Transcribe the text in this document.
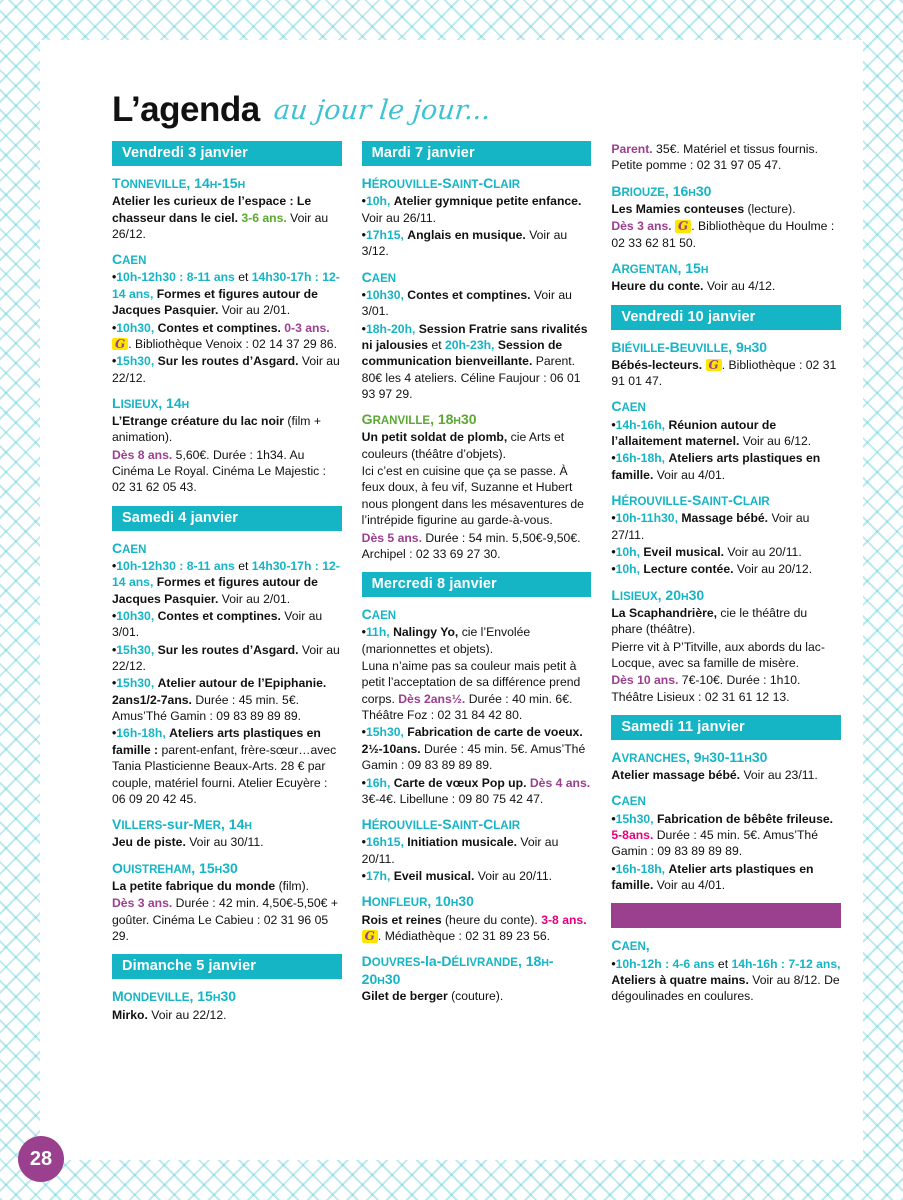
L’agenda au jour le jour...
Vendredi 3 janvier
TONNEVILLE, 14H-15H
Atelier les curieux de l’espace : Le chasseur dans le ciel. 3-6 ans. Voir au 26/12.
CAEN
•10h-12h30 : 8-11 ans et 14h30-17h : 12-14 ans, Formes et figures autour de Jacques Pasquier. Voir au 2/01.
•10h30, Contes et comptines. 0-3 ans. G . Bibliothèque Venoix : 02 14 37 29 86.
•15h30, Sur les routes d’Asgard. Voir au 22/12.
LISIEUX, 14H
L’Etrange créature du lac noir (film + animation).
Dès 8 ans. 5,60€. Durée : 1h34. Au Cinéma Le Royal. Cinéma Le Majestic : 02 31 62 05 43.
Samedi 4 janvier
CAEN
•10h-12h30 : 8-11 ans et 14h30-17h : 12-14 ans, Formes et figures autour de Jacques Pasquier. Voir au 2/01.
•10h30, Contes et comptines. Voir au 3/01.
•15h30, Sur les routes d’Asgard. Voir au 22/12.
•15h30, Atelier autour de l’Epiphanie. 2ans1/2-7ans. Durée : 45 min. 5€. Amus’Thé Gamin : 09 83 89 89 89.
•16h-18h, Ateliers arts plastiques en famille : parent-enfant, frère-sœur…avec Tania Plasticienne Beaux-Arts. 28 € par couple, matériel fourni. Atelier Ecuyère : 06 09 20 42 45.
VILLERS-sur-MER, 14H
Jeu de piste. Voir au 30/11.
OUISTREHAM, 15H30
La petite fabrique du monde (film).
Dès 3 ans. Durée : 42 min. 4,50€-5,50€ + goûter. Cinéma Le Cabieu : 02 31 96 05 29.
Dimanche 5 janvier
MONDEVILLE, 15H30
Mirko. Voir au 22/12.
Mardi 7 janvier
HÉROUVILLE-SAINT-CLAIR
•10h, Atelier gymnique petite enfance. Voir au 26/11.
•17h15, Anglais en musique. Voir au 3/12.
CAEN
•10h30, Contes et comptines. Voir au 3/01.
•18h-20h, Session Fratrie sans rivalités ni jalousies et 20h-23h, Session de communication bienveillante. Parent. 80€ les 4 ateliers. Céline Faujour : 06 01 93 97 29.
GRANVILLE, 18H30
Un petit soldat de plomb, cie Arts et couleurs (théâtre d’objets).
Ici c’est en cuisine que ça se passe. À feux doux, à feu vif, Suzanne et Hubert nous plongent dans les mésaventures de l’intrépide figurine au garde-à-vous.
Dès 5 ans. Durée : 54 min. 5,50€-9,50€. Archipel : 02 33 69 27 30.
Mercredi 8 janvier
CAEN
•11h, Nalingy Yo, cie l’Envolée (marionnettes et objets).
Luna n’aime pas sa couleur mais petit à petit l’acceptation de sa différence prend corps. Dès 2ans½. Durée : 40 min. 6€. Théâtre Foz : 02 31 84 42 80.
•15h30, Fabrication de carte de voeux. 2½-10ans. Durée : 45 min. 5€. Amus’Thé Gamin : 09 83 89 89 89.
•16h, Carte de vœux Pop up. Dès 4 ans. 3€-4€. Libellune : 09 80 75 42 47.
HÉROUVILLE-SAINT-CLAIR
•16h15, Initiation musicale. Voir au 20/11.
•17h, Eveil musical. Voir au 20/11.
HONFLEUR, 10H30
Rois et reines (heure du conte). 3-8 ans. G . Médiathèque : 02 31 89 23 56.
DOUVRES-la-DÉLIVRANDE, 18H-20H30
Gilet de berger (couture).
Parent. 35€. Matériel et tissus fournis. Petite pomme : 02 31 97 05 47.
BRIOUZE, 16H30
Les Mamies conteuses (lecture).
Dès 3 ans. G . Bibliothèque du Houlme : 02 33 62 81 50.
ARGENTAN, 15H
Heure du conte. Voir au 4/12.
Vendredi 10 janvier
BIÉVILLE-BEUVILLE, 9H30
Bébés-lecteurs. G . Bibliothèque : 02 31 91 01 47.
CAEN
•14h-16h, Réunion autour de l’allaitement maternel. Voir au 6/12.
•16h-18h, Ateliers arts plastiques en famille. Voir au 4/01.
HÉROUVILLE-SAINT-CLAIR
•10h-11h30, Massage bébé. Voir au 27/11.
•10h, Eveil musical. Voir au 20/11.
•10h, Lecture contée. Voir au 20/12.
LISIEUX, 20H30
La Scaphandrière, cie le théâtre du phare (théâtre).
Pierre vit à P’Titville, aux abords du lac-Locque, avec sa famille de misère.
Dès 10 ans. 7€-10€. Durée : 1h10. Théâtre Lisieux : 02 31 61 12 13.
Samedi 11 janvier
AVRANCHES, 9H30-11H30
Atelier massage bébé. Voir au 23/11.
CAEN
•15h30, Fabrication de bêbête frileuse. 5-8ans. Durée : 45 min. 5€. Amus’Thé Gamin : 09 83 89 89 89.
•16h-18h, Atelier arts plastiques en famille. Voir au 4/01.
Dimanche 12 janvier
CAEN,
•10h-12h : 4-6 ans et 14h-16h : 7-12 ans, Ateliers à quatre mains. Voir au 8/12. De dégoulinades en coulures.
28
